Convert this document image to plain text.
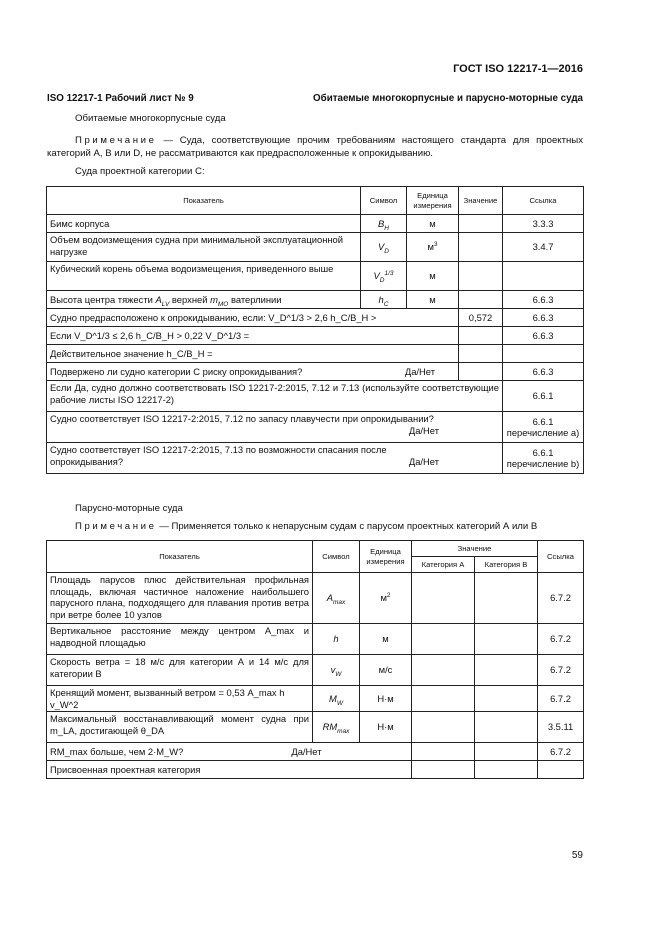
ГОСТ ISO 12217-1—2016
ISO 12217-1 Рабочий лист № 9	Обитаемые многокорпусные и парусно-моторные суда
Обитаемые многокорпусные суда
Примечание — Суда, соответствующие прочим требованиям настоящего стандарта для проектных категорий А, В или D, не рассматриваются как предрасположенные к опрокидыванию.
Суда проектной категории С:
Показатель	Символ	Единица измерения	Значение	Ссылка
Бимс корпуса	$B_H$	м		3.3.3
Объем водоизмещения судна при минимальной эксплуатационной нагрузке	$V_D$	$м^3$		3.4.7
Кубический корень объема водоизмещения, приведенного выше	$V_D^{1/3}$	м		
Высота центра тяжести $A_{LV}$ верхней $m_{MO}$ ватерлинии	$h_C$	м		6.6.3
Судно предрасположено к опрокидыванию, если: V_D^1/3 > 2,6 h_C/B_H >			0,572	6.6.3
Если V_D^1/3 ≤ 2,6 h_C/B_H > 0,22 V_D^1/3 =				6.6.3
Действительное значение h_C/B_H =				

Подвержено ли судно категории С риску опрокидывания? Да/Нет				6.6.3
Если Да, судно должно соответствовать ISO 12217-2:2015, 7.12 и 7.13 (используйте соответствующие рабочие листы ISO 12217-2)				6.6.1

Судно соответствует ISO 12217-2:2015, 7.12 по запасу плавучести при опрокидывании?
Да/Нет				6.6.1 перечисление а)

Судно соответствует ISO 12217-2:2015, 7.13 по возможности спасания после опрокидывания? Да/Нет				6.6.1 перечисление b)
Парусно-моторные суда
Примечание — Применяется только к непарусным судам с парусом проектных категорий А или В
Показатель	Символ	Единица измерения	Значение		Ссылка
			Категория А	Категория В	
Площадь парусов плюс действительная профильная площадь, включая частичное наложение наибольшего парусного плана, подходящего для плавания против ветра при ветре более 10 узлов	$A_{max}$	$м^2$			6.7.2
Вертикальное расстояние между центром A_max и надводной площадью	h	м			6.7.2
Скорость ветра = 18 м/с для категории А и 14 м/с для категории В	$v_W$	м/с			6.7.2
Кренящий момент, вызванный ветром = 0,53 A_max h v_W^2	$M_W$	Н·м			6.7.2
Максимальный восстанавливающий момент судна при m_LA, достигающей θ_DA	$RM_{max}$	Н·м			3.5.11
RM_max больше, чем 2·M_W? Да/Нет					6.7.2
Присвоенная проектная категория					
59
